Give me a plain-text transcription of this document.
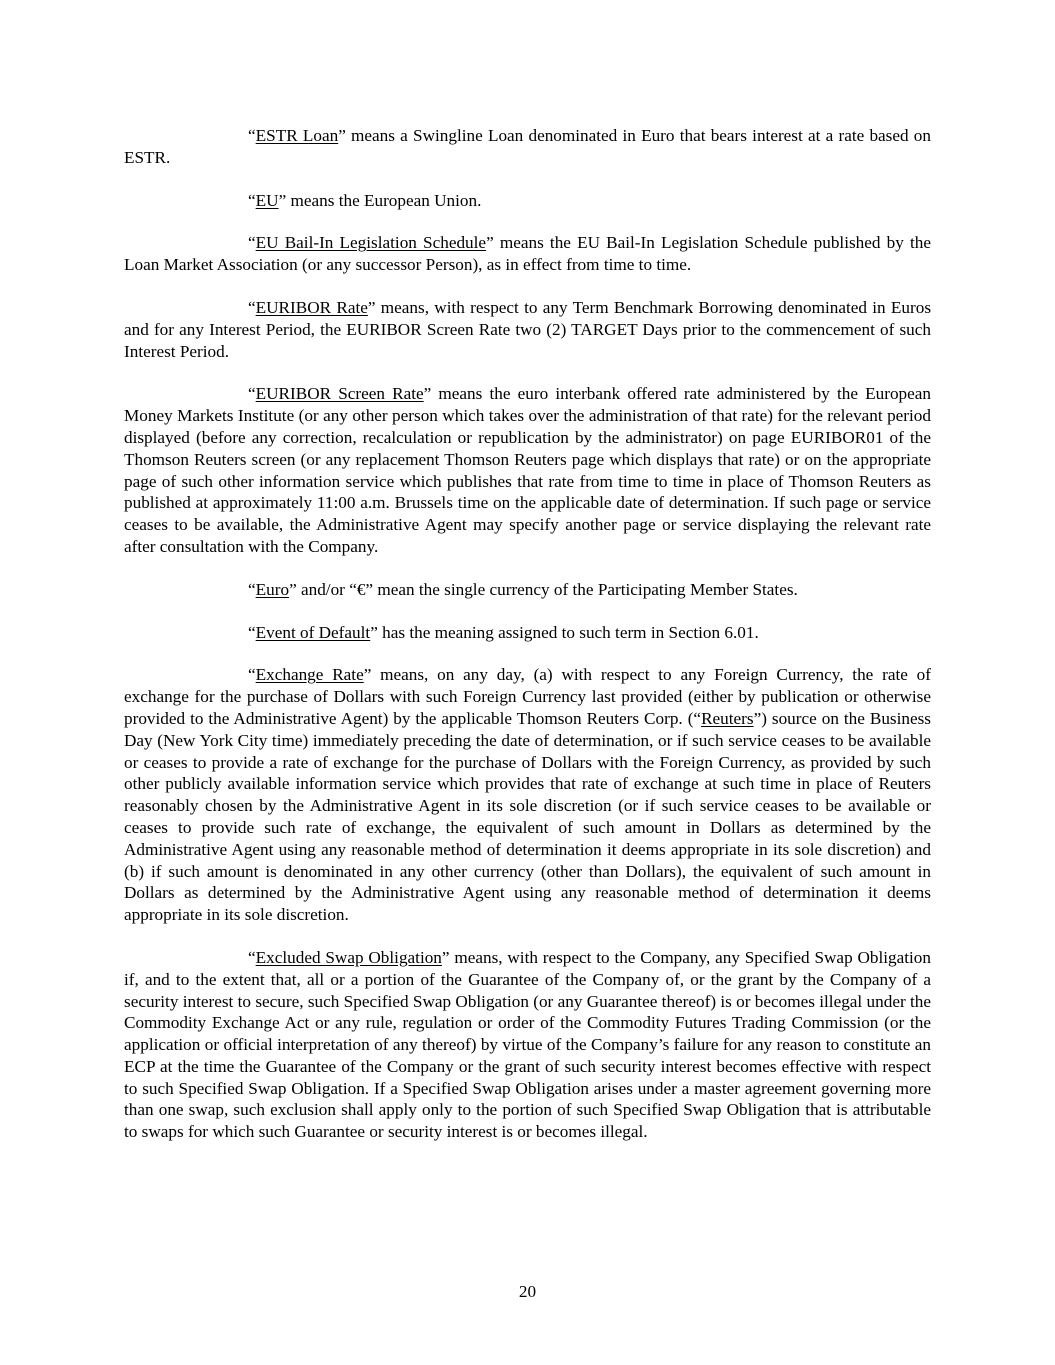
“ESTR Loan” means a Swingline Loan denominated in Euro that bears interest at a rate based on ESTR.

“EU” means the European Union.

“EU Bail-In Legislation Schedule” means the EU Bail-In Legislation Schedule published by the Loan Market Association (or any successor Person), as in effect from time to time.

“EURIBOR Rate” means, with respect to any Term Benchmark Borrowing denominated in Euros and for any Interest Period, the EURIBOR Screen Rate two (2) TARGET Days prior to the commencement of such Interest Period.

“EURIBOR Screen Rate” means the euro interbank offered rate administered by the European Money Markets Institute (or any other person which takes over the administration of that rate) for the relevant period displayed (before any correction, recalculation or republication by the administrator) on page EURIBOR01 of the Thomson Reuters screen (or any replacement Thomson Reuters page which displays that rate) or on the appropriate page of such other information service which publishes that rate from time to time in place of Thomson Reuters as published at approximately 11:00 a.m. Brussels time on the applicable date of determination. If such page or service ceases to be available, the Administrative Agent may specify another page or service displaying the relevant rate after consultation with the Company.

“Euro” and/or “€” mean the single currency of the Participating Member States.

“Event of Default” has the meaning assigned to such term in Section 6.01.

“Exchange Rate” means, on any day, (a) with respect to any Foreign Currency, the rate of exchange for the purchase of Dollars with such Foreign Currency last provided (either by publication or otherwise provided to the Administrative Agent) by the applicable Thomson Reuters Corp. (“Reuters”) source on the Business Day (New York City time) immediately preceding the date of determination, or if such service ceases to be available or ceases to provide a rate of exchange for the purchase of Dollars with the Foreign Currency, as provided by such other publicly available information service which provides that rate of exchange at such time in place of Reuters reasonably chosen by the Administrative Agent in its sole discretion (or if such service ceases to be available or ceases to provide such rate of exchange, the equivalent of such amount in Dollars as determined by the Administrative Agent using any reasonable method of determination it deems appropriate in its sole discretion) and (b) if such amount is denominated in any other currency (other than Dollars), the equivalent of such amount in Dollars as determined by the Administrative Agent using any reasonable method of determination it deems appropriate in its sole discretion.

“Excluded Swap Obligation” means, with respect to the Company, any Specified Swap Obligation if, and to the extent that, all or a portion of the Guarantee of the Company of, or the grant by the Company of a security interest to secure, such Specified Swap Obligation (or any Guarantee thereof) is or becomes illegal under the Commodity Exchange Act or any rule, regulation or order of the Commodity Futures Trading Commission (or the application or official interpretation of any thereof) by virtue of the Company’s failure for any reason to constitute an ECP at the time the Guarantee of the Company or the grant of such security interest becomes effective with respect to such Specified Swap Obligation. If a Specified Swap Obligation arises under a master agreement governing more than one swap, such exclusion shall apply only to the portion of such Specified Swap Obligation that is attributable to swaps for which such Guarantee or security interest is or becomes illegal.

20
